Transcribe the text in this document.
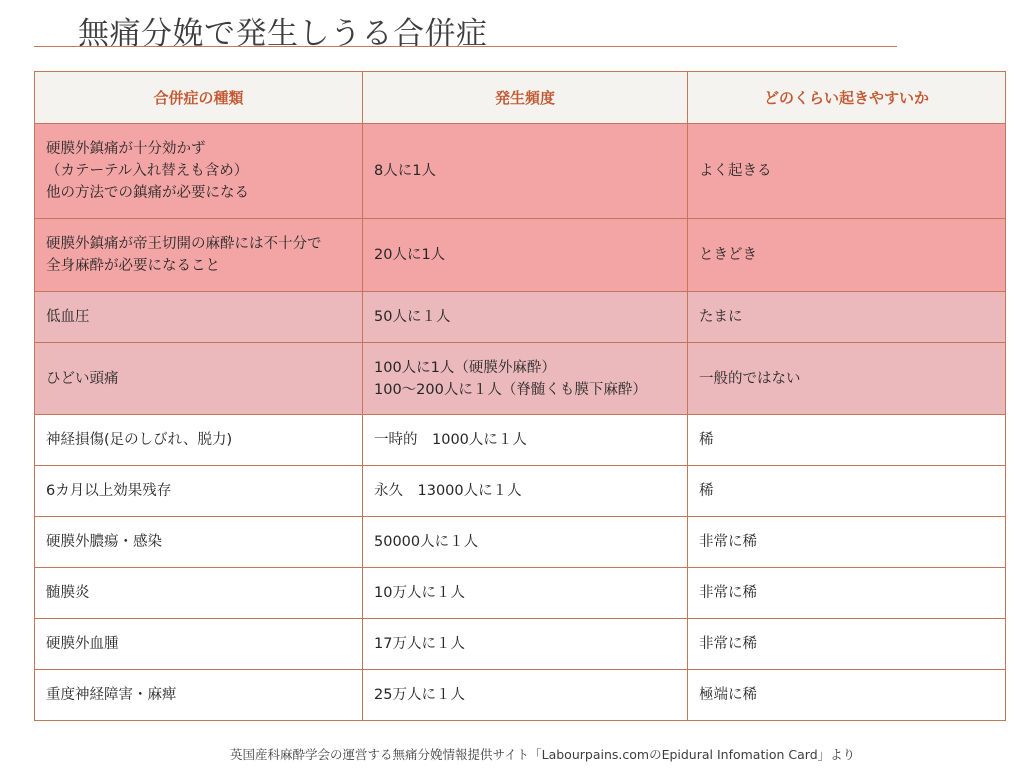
無痛分娩で発生しうる合併症
合併症の種類	発生頻度	どのくらい起きやすいか

硬膜外鎮痛が十分効かず
（カテーテル入れ替えも含め）
他の方法での鎮痛が必要になる	8人に1人	よく起きる

硬膜外鎮痛が帝王切開の麻酔には不十分で
全身麻酔が必要になること	20人に1人	ときどき

低血圧	50人に１人	たまに

ひどい頭痛	100人に1人（硬膜外麻酔）
100〜200人に１人（脊髄くも膜下麻酔）	一般的ではない

神経損傷(足のしびれ、脱力)	一時的　1000人に１人	稀

6カ月以上効果残存	永久　13000人に１人	稀

硬膜外膿瘍・感染	50000人に１人	非常に稀

髄膜炎	10万人に１人	非常に稀

硬膜外血腫	17万人に１人	非常に稀

重度神経障害・麻痺	25万人に１人	極端に稀
英国産科麻酔学会の運営する無痛分娩情報提供サイト「Labourpains.comのEpidural Infomation Card」より
